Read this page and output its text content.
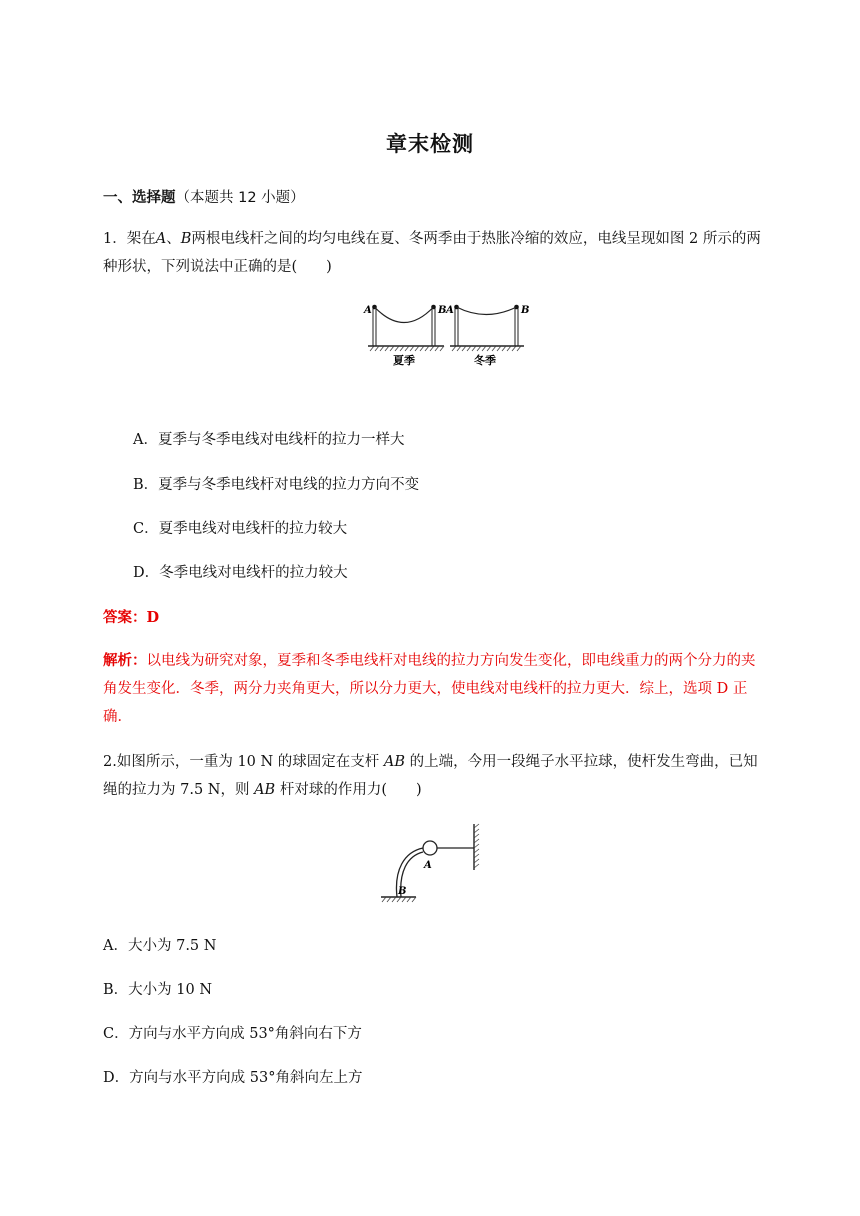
章末检测
一、选择题（本题共 12 小题）
1．架在A、B两根电线杆之间的均匀电线在夏、冬两季由于热胀冷缩的效应，电线呈现如图 2 所示的两种形状，下列说法中正确的是(　　)
A	B A	B
夏季	冬季
A．夏季与冬季电线对电线杆的拉力一样大
B．夏季与冬季电线杆对电线的拉力方向不变
C．夏季电线对电线杆的拉力较大
D．冬季电线对电线杆的拉力较大
答案：D
解析：以电线为研究对象，夏季和冬季电线杆对电线的拉力方向发生变化，即电线重力的两个分力的夹角发生变化．冬季，两分力夹角更大，所以分力更大，使电线对电线杆的拉力更大．综上，选项 D 正确．
2.如图所示，一重为 10 N 的球固定在支杆 AB 的上端，今用一段绳子水平拉球，使杆发生弯曲，已知绳的拉力为 7.5 N，则 AB 杆对球的作用力(　　)
A
B
A．大小为 7.5 N
B．大小为 10 N
C．方向与水平方向成 53°角斜向右下方
D．方向与水平方向成 53°角斜向左上方
